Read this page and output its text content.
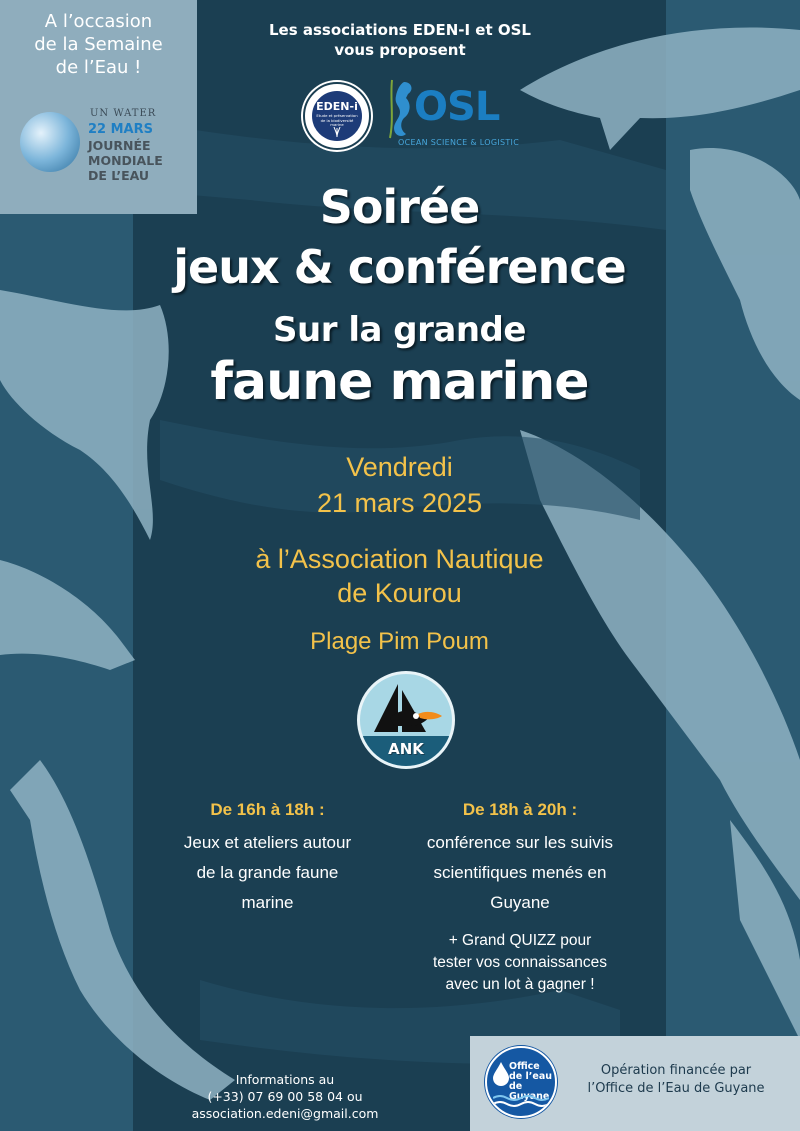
A l’occasion
de la Semaine
de l’Eau !
UN WATER
22 MARS
JOURNÉE
MONDIALE
DE L’EAU
Les associations EDEN-I et OSL
vous proposent
EDEN-i
Etude et préservation de la biodiversité marine	OSL
OCEAN SCIENCE & LOGISTIC
Soirée
jeux & conférence
Sur la grande
faune marine
Vendredi
21 mars 2025
à l’Association Nautique
de Kourou
Plage Pim Poum
ANK
De 16h à 18h :
Jeux et ateliers autour
de la grande faune
marine
De 18h à 20h :
conférence sur les suivis
scientifiques menés en
Guyane
+ Grand QUIZZ pour
tester vos connaissances
avec un lot à gagner !
Informations au
(+33) 07 69 00 58 04 ou
association.edeni@gmail.com
Office
de l’eau
de Guyane
Opération financée par
l’Office de l’Eau de Guyane
